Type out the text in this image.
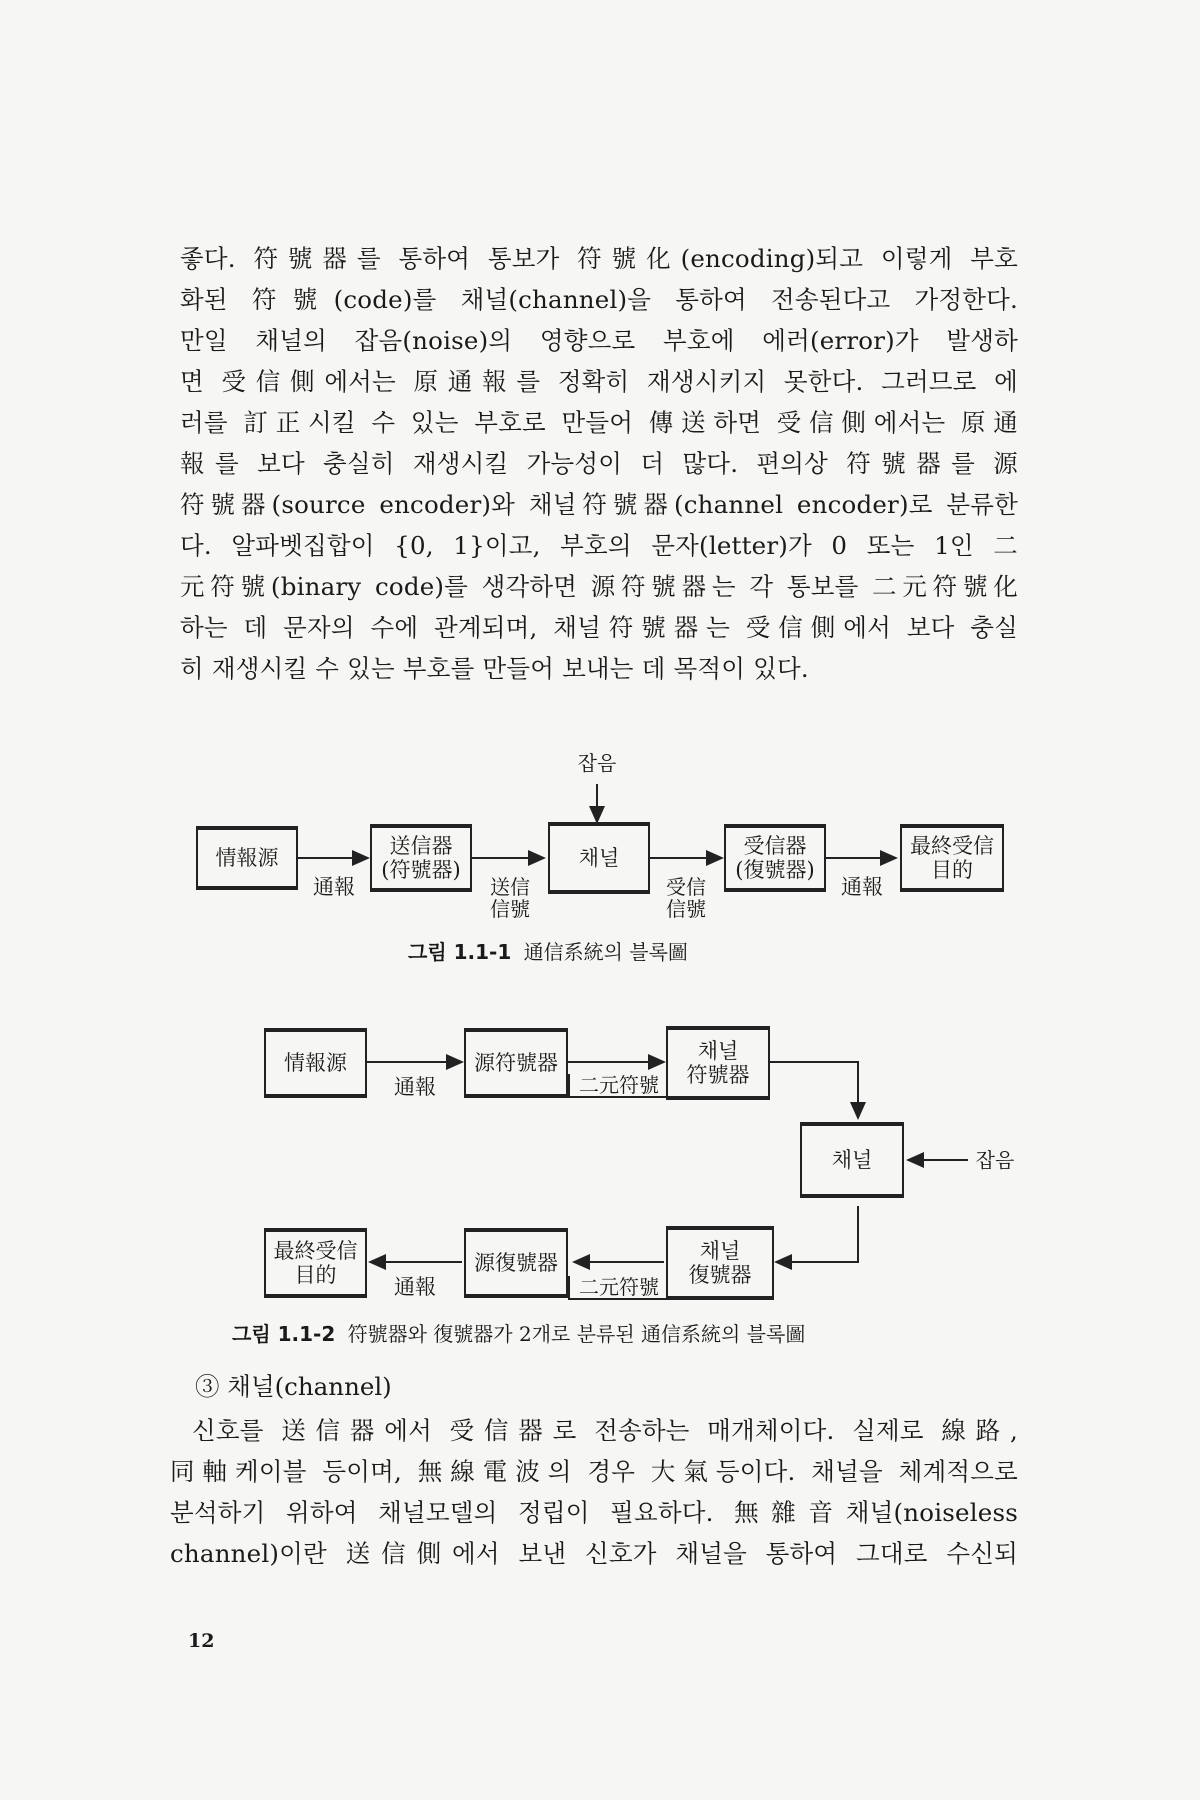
좋다. 符號器를 통하여 통보가 符號化(encoding)되고 이렇게 부호
화된 符號(code)를 채널(channel)을 통하여 전송된다고 가정한다.
만일 채널의 잡음(noise)의 영향으로 부호에 에러(error)가 발생하
면 受信側에서는 原通報를 정확히 재생시키지 못한다. 그러므로 에
러를 訂正시킬 수 있는 부호로 만들어 傳送하면 受信側에서는 原通
報를 보다 충실히 재생시킬 가능성이 더 많다. 편의상 符號器를 源
符號器(source encoder)와 채널符號器(channel encoder)로 분류한
다. 알파벳집합이 {0, 1}이고, 부호의 문자(letter)가 0 또는 1인 二
元符號(binary code)를 생각하면 源符號器는 각 통보를 二元符號化
하는 데 문자의 수에 관계되며, 채널符號器는 受信側에서 보다 충실
히 재생시킬 수 있는 부호를 만들어 보내는 데 목적이 있다.
잡음
情報源
通報
送信器
(符號器)
送信
信號
채널
受信
信號
受信器
(復號器)
通報
最終受信
目的
그림 1.1-1 通信系統의 블록圖
情報源
通報
源符號器
二元符號
채널
符號器
채널	잡음
채널
復號器
二元符號
源復號器
通報
最終受信
目的
그림 1.1-2 符號器와 復號器가 2개로 분류된 通信系統의 블록圖
③ 채널(channel)
신호를 送信器에서 受信器로 전송하는 매개체이다. 실제로 線路,
同軸케이블 등이며, 無線電波의 경우 大氣등이다. 채널을 체계적으로
분석하기 위하여 채널모델의 정립이 필요하다. 無雜音채널(noiseless
channel)이란 送信側에서 보낸 신호가 채널을 통하여 그대로 수신되
12
